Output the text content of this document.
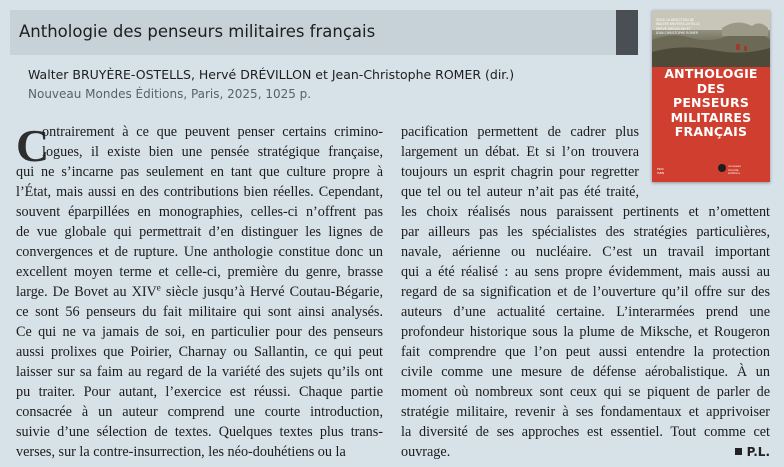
Anthologie des penseurs militaires français
Walter BRUYÈRE-OSTELLS, Hervé DRÉVILLON et Jean-Christophe ROMER (dir.)
Nouveau Mondes Éditions, Paris, 2025, 1025 p.
SOUS LA DIRECTION DE
WALTER BRUYÈRE-OSTELLS
HERVÉ DRÉVILLON ET
JEAN-CHRISTOPHE ROMER
ANTHOLOGIE
DES
PENSEURS
MILITAIRES
FRANÇAIS
PRIX
ISBN
nouveau
monde
éditions
C
ontrairement à ce que peuvent penser certains crimino-
logues, il existe bien une pensée stratégique française,
qui ne s’incarne pas seulement en tant que culture propre à
l’État, mais aussi en des contributions bien réelles. Cependant,
souvent éparpillées en monographies, celles-ci n’offrent pas
de vue globale qui permettrait d’en distinguer les lignes de
convergences et de rupture. Une anthologie constitue donc un
excellent moyen terme et celle-ci, première du genre, brasse
large. De Bovet au XIVe siècle jusqu’à Hervé Coutau-Bégarie,
ce sont 56 penseurs du fait militaire qui sont ainsi analysés.
Ce qui ne va jamais de soi, en particulier pour des penseurs
aussi prolixes que Poirier, Charnay ou Sallantin, ce qui peut
laisser sur sa faim au regard de la variété des sujets qu’ils ont
pu traiter. Pour autant, l’exercice est réussi. Chaque partie
consacrée à un auteur comprend une courte introduction,
suivie d’une sélection de textes. Quelques textes plus trans-
verses, sur la contre-insurrection, les néo-douhétiens ou la
pacification permettent de cadrer plus
largement un débat. Et si l’on trouvera
toujours un esprit chagrin pour regretter
que tel ou tel auteur n’ait pas été traité,
les choix réalisés nous paraissent pertinents et n’omettent
par ailleurs pas les spécialistes des stratégies particulières,
navale, aérienne ou nucléaire. C’est un travail important
qui a été réalisé : au sens propre évidemment, mais aussi au
regard de sa signification et de l’ouverture qu’il offre sur des
auteurs d’une actualité certaine. L’interarmées prend une
profondeur historique sous la plume de Miksche, et Rougeron
fait comprendre que l’on peut aussi entendre la protection
civile comme une mesure de défense aérobalistique. À un
moment où nombreux sont ceux qui se piquent de parler de
stratégie militaire, revenir à ses fondamentaux et apprivoiser
la diversité de ses approches est essentiel. Tout comme cet
ouvrage.	P.L.
